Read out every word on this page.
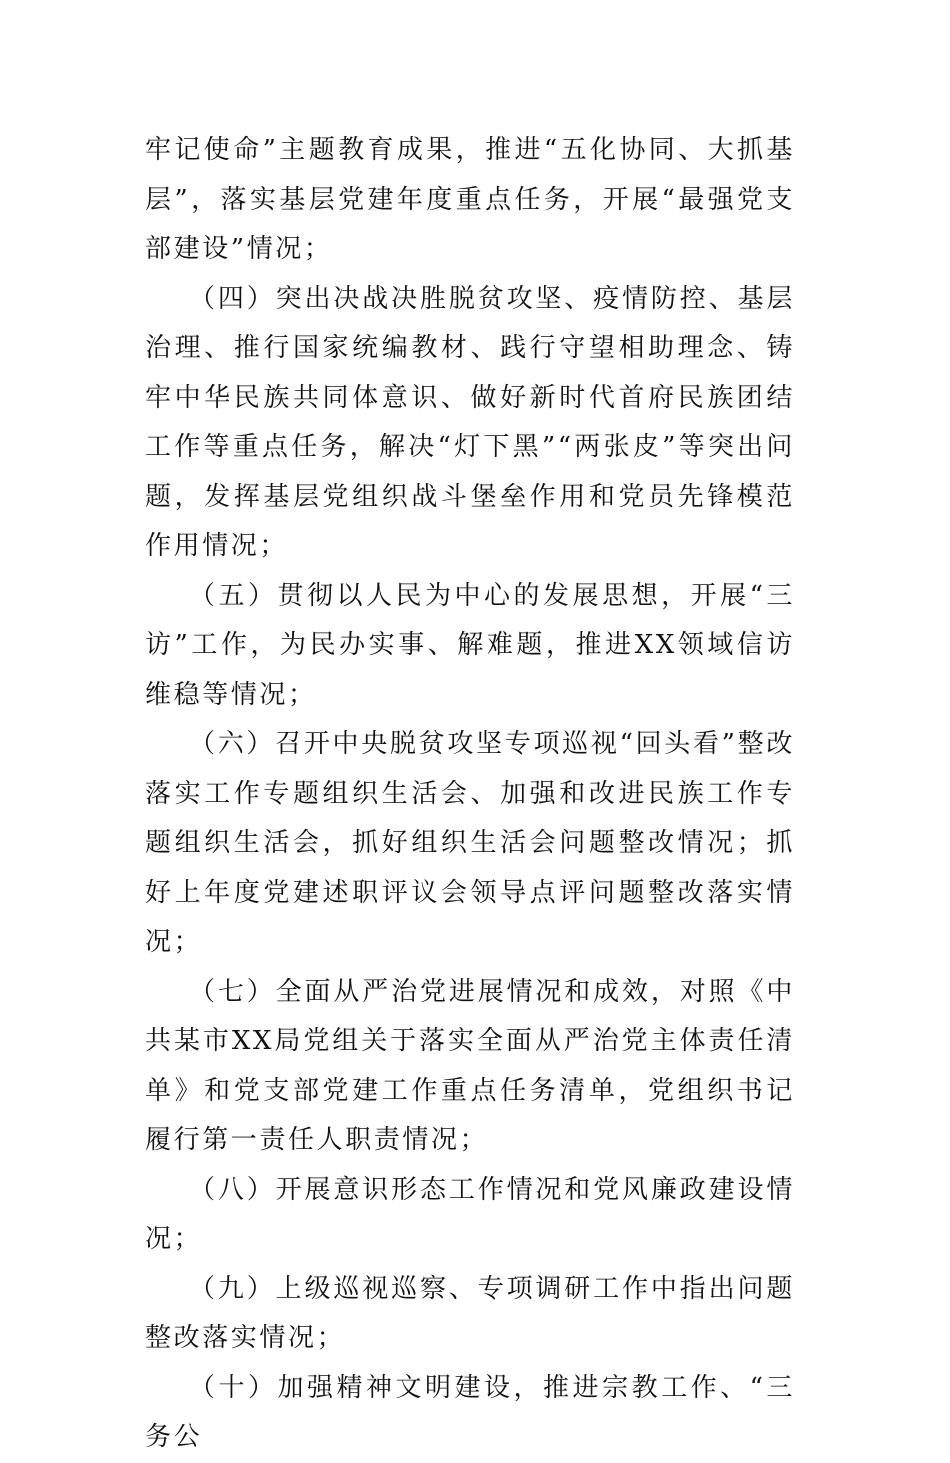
牢记使命”主题教育成果，推进“五化协同、大抓基层”，落实基层党建年度重点任务，开展“最强党支部建设”情况；

（四）突出决战决胜脱贫攻坚、疫情防控、基层治理、推行国家统编教材、践行守望相助理念、铸牢中华民族共同体意识、做好新时代首府民族团结工作等重点任务，解决“灯下黑”“两张皮”等突出问题，发挥基层党组织战斗堡垒作用和党员先锋模范作用情况；

（五）贯彻以人民为中心的发展思想，开展“三访”工作，为民办实事、解难题，推进XX领域信访维稳等情况；

（六）召开中央脱贫攻坚专项巡视“回头看”整改落实工作专题组织生活会、加强和改进民族工作专题组织生活会，抓好组织生活会问题整改情况；抓好上年度党建述职评议会领导点评问题整改落实情况；

（七）全面从严治党进展情况和成效，对照《中共某市XX局党组关于落实全面从严治党主体责任清单》和党支部党建工作重点任务清单，党组织书记履行第一责任人职责情况；

（八）开展意识形态工作情况和党风廉政建设情况；

（九）上级巡视巡察、专项调研工作中指出问题整改落实情况；

（十）加强精神文明建设，推进宗教工作、“三务公
